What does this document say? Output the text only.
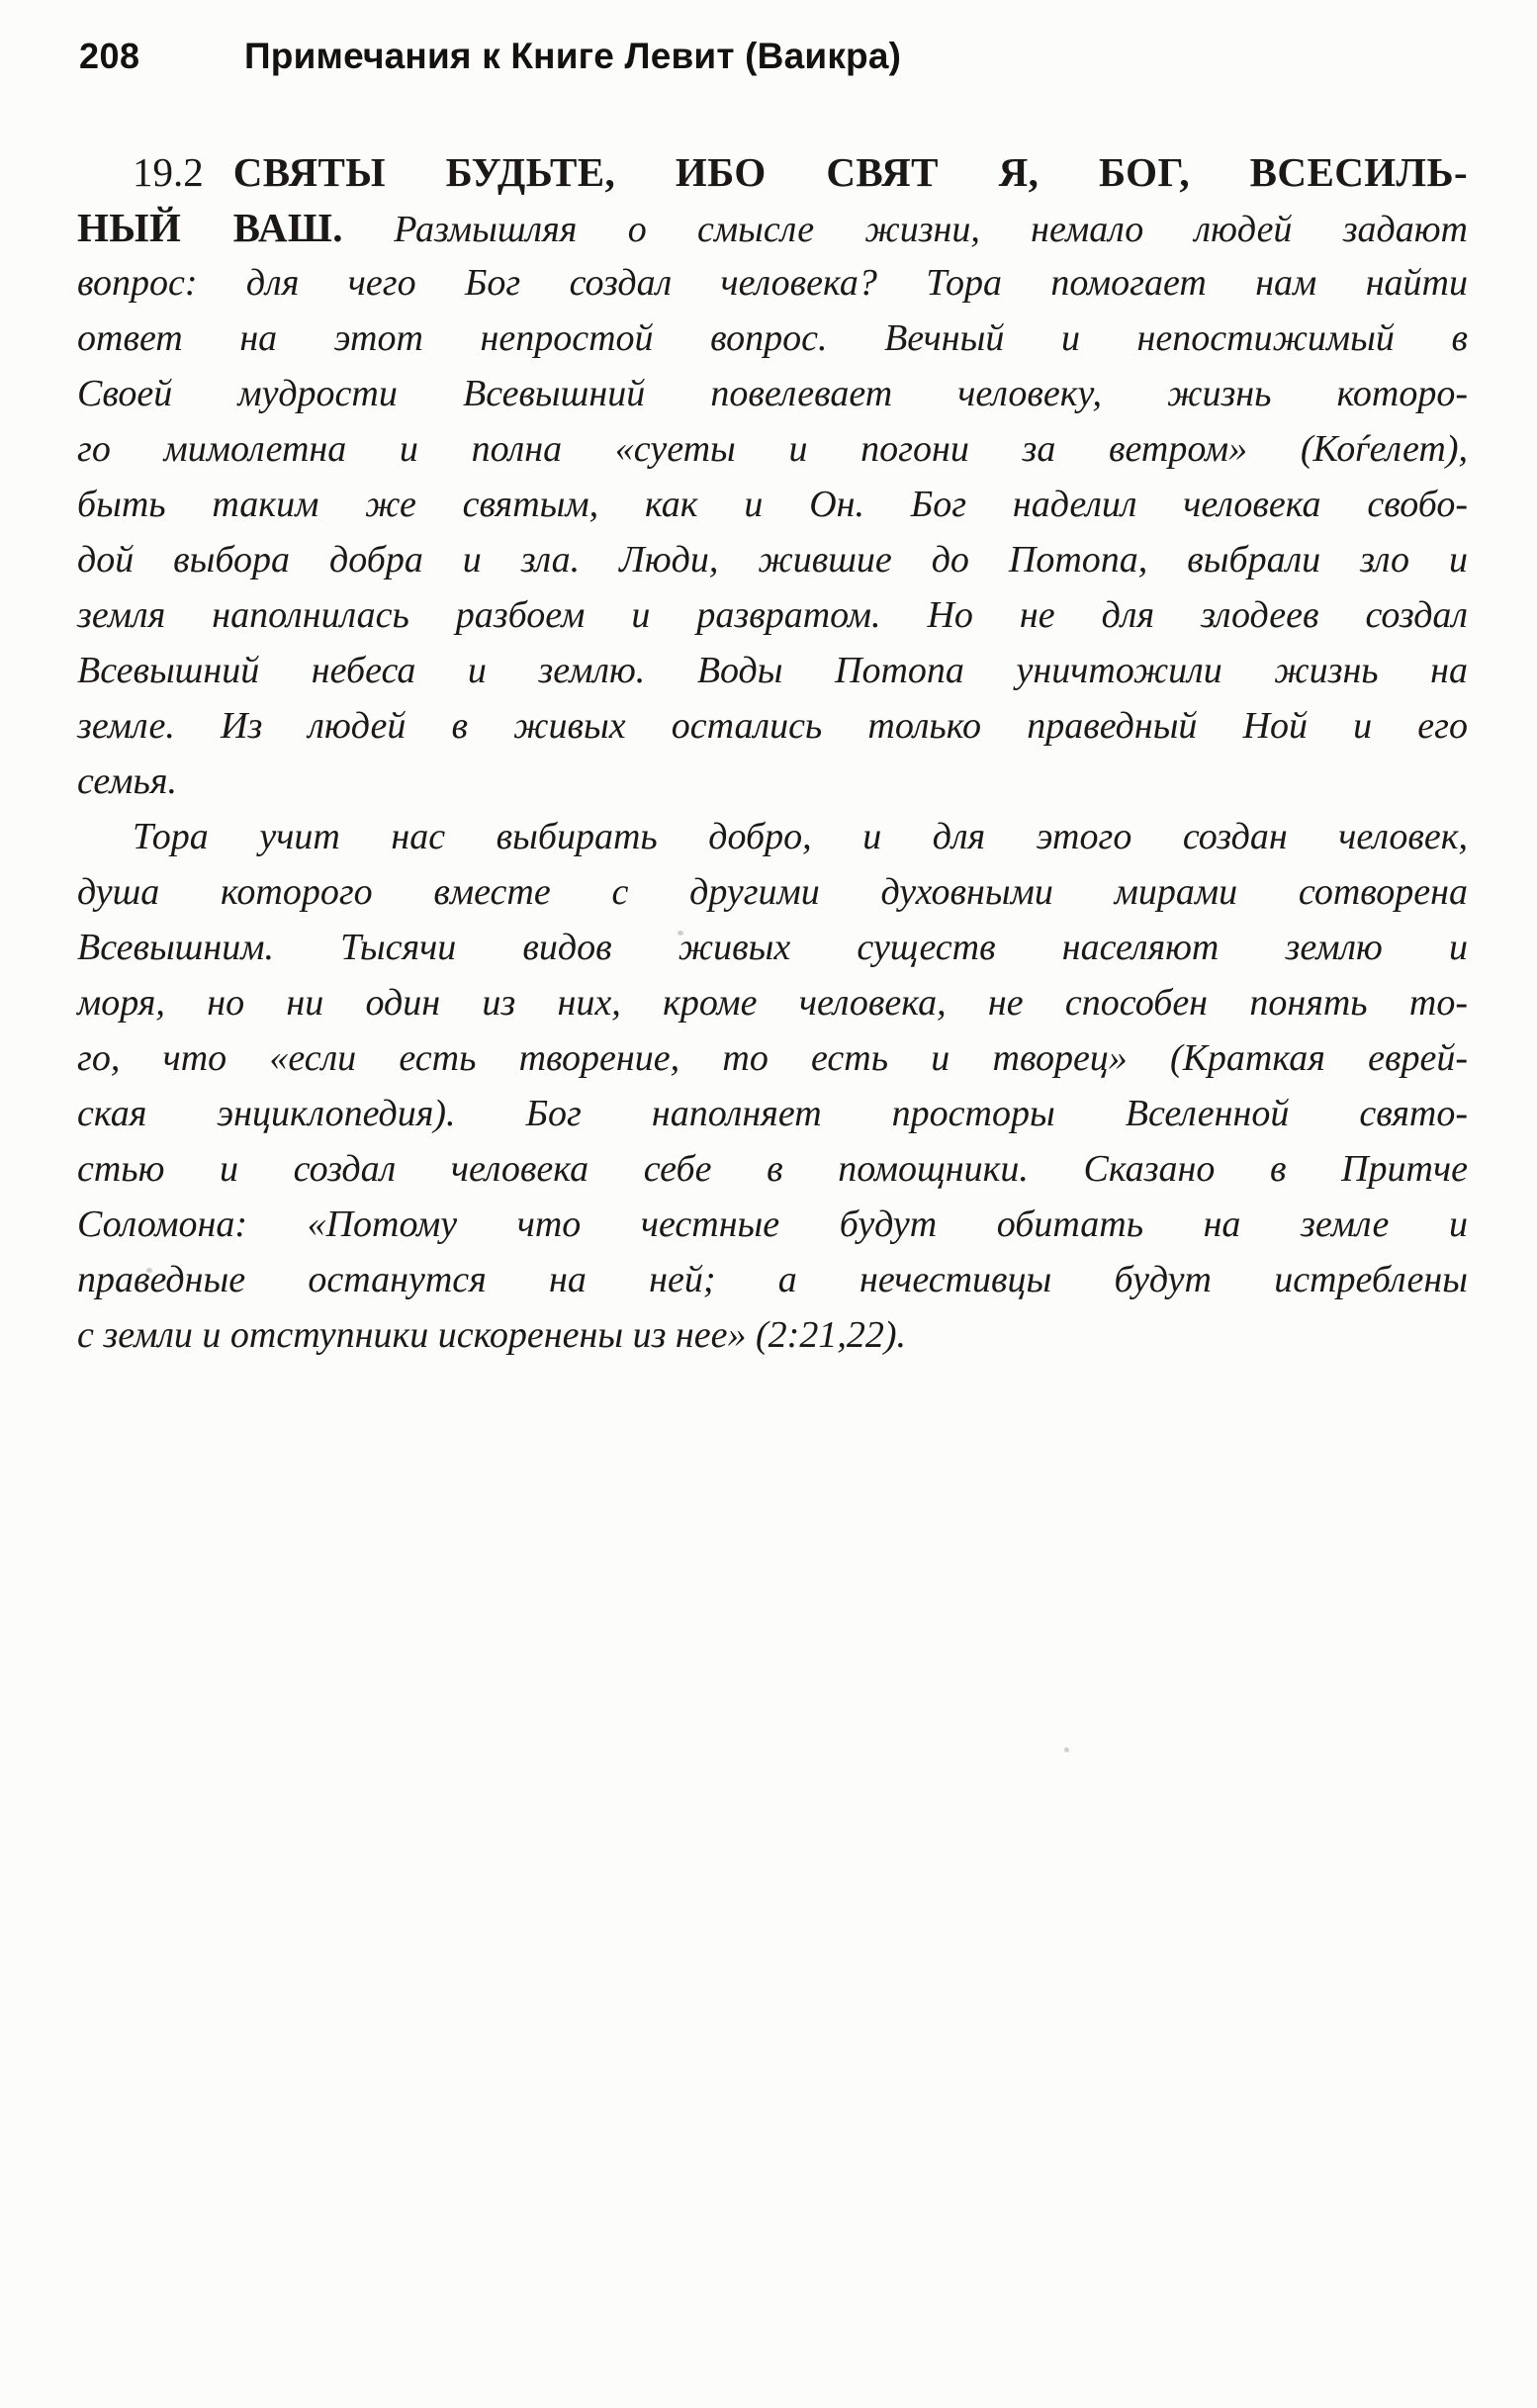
208	Примечания к Книге Левит (Ваикра)
19.2 СВЯТЫ БУДЬТЕ, ИБО СВЯТ Я, БОГ, ВСЕСИЛЬ-
НЫЙ ВАШ. Размышляя о смысле жизни, немало людей задают
вопрос: для чего Бог создал человека? Тора помогает нам найти
ответ на этот непростой вопрос. Вечный и непостижимый в
Своей мудрости Всевышний повелевает человеку, жизнь которо-
го мимолетна и полна «суеты и погони за ветром» (Коѓелет),
быть таким же святым, как и Он. Бог наделил человека свобо-
дой выбора добра и зла. Люди, жившие до Потопа, выбрали зло и
земля наполнилась разбоем и развратом. Но не для злодеев создал
Всевышний небеса и землю. Воды Потопа уничтожили жизнь на
земле. Из людей в живых остались только праведный Ной и его
семья.
Тора учит нас выбирать добро, и для этого создан человек,
душа которого вместе с другими духовными мирами сотворена
Всевышним. Тысячи видов живых существ населяют землю и
моря, но ни один из них, кроме человека, не способен понять то-
го, что «если есть творение, то есть и творец» (Краткая еврей-
ская энциклопедия). Бог наполняет просторы Вселенной свято-
стью и создал человека себе в помощники. Сказано в Притче
Соломона: «Потому что честные будут обитать на земле и
праведные останутся на ней; а нечестивцы будут истреблены
с земли и отступники искоренены из нее» (2:21,22).
